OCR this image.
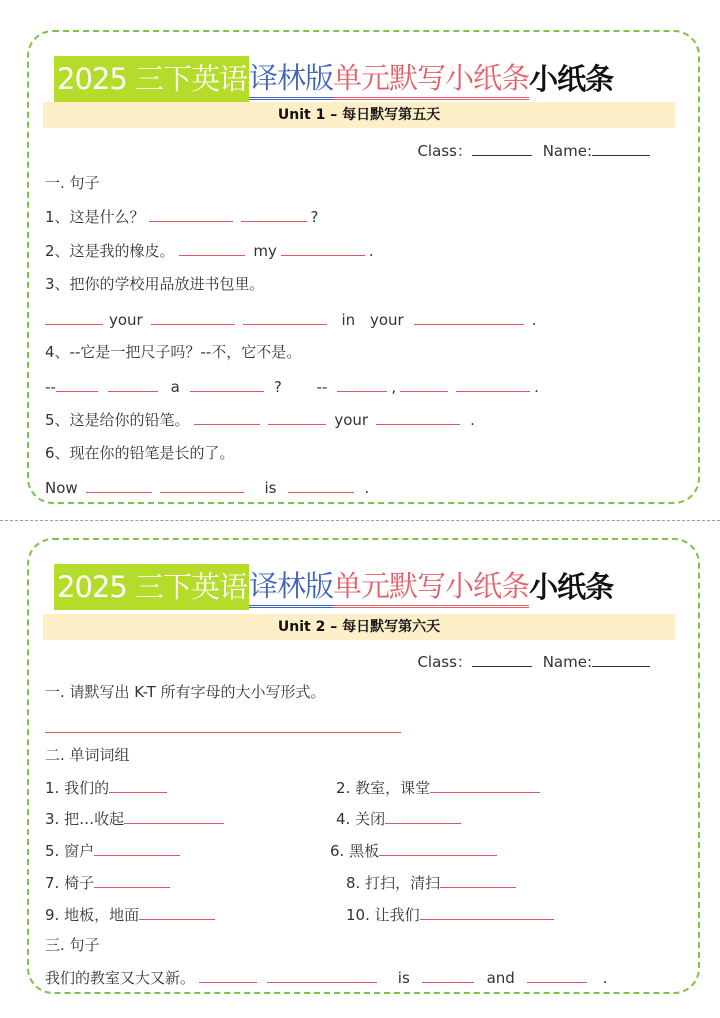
2025 三下英语 译林版 单元默写小纸条 小纸条
Unit 1 – 每日默写第五天
Class：	Name:
一. 句子
1、这是什么？	?
2、这是我的橡皮。	my	.
3、把你的学校用品放进书包里。
your	in your	.
4、--它是一把尺子吗？--不，它不是。
--	a	? --	,	.
5、这是给你的铅笔。	your	.
6、现在你的铅笔是长的了。
Now	is	.
2025 三下英语 译林版 单元默写小纸条 小纸条
Unit 2 – 每日默写第六天
Class：	Name:
一. 请默写出 K-T 所有字母的大小写形式。
二. 单词词组
1. 我们的	2. 教室，课堂
3. 把…收起	4. 关闭
5. 窗户	6. 黑板
7. 椅子	8. 打扫，清扫
9. 地板，地面	10. 让我们
三. 句子
我们的教室又大又新。	is	and	.
